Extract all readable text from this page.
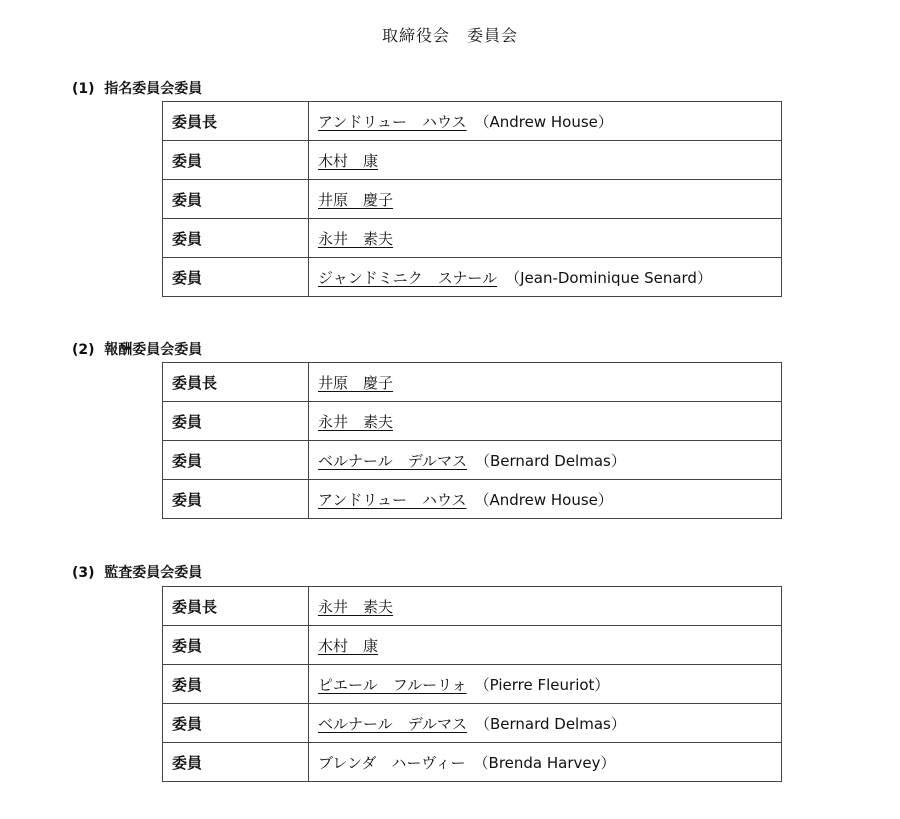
取締役会　委員会
(1)  指名委員会委員
委員長	アンドリュー　ハウス （Andrew House）
委員	木村　康
委員	井原　慶子
委員	永井　素夫
委員	ジャンドミニク　スナール （Jean-Dominique Senard）
(2)  報酬委員会委員
委員長	井原　慶子
委員	永井　素夫
委員	ベルナール　デルマス （Bernard Delmas）
委員	アンドリュー　ハウス （Andrew House）
(3)  監査委員会委員
委員長	永井　素夫
委員	木村　康
委員	ピエール　フルーリォ （Pierre Fleuriot）
委員	ベルナール　デルマス （Bernard Delmas）
委員	ブレンダ　ハーヴィー （Brenda Harvey）
